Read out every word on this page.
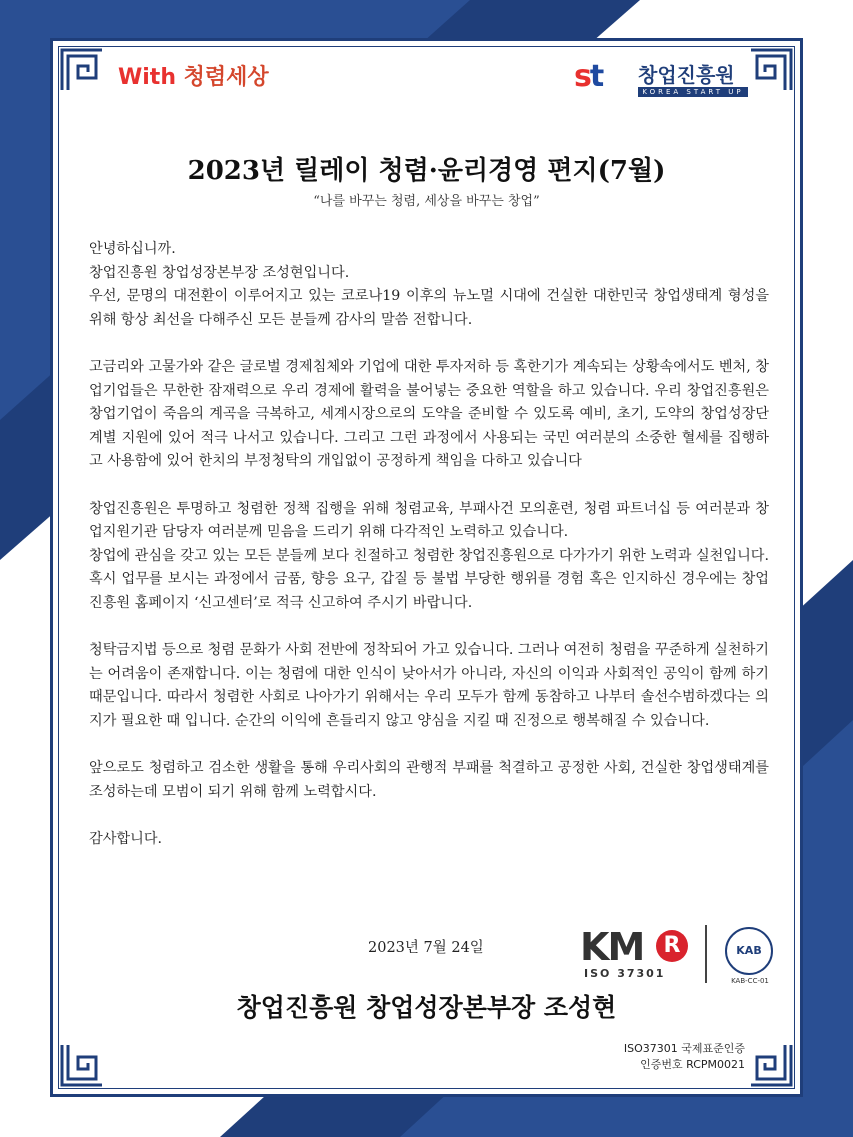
With 청렴세상	st 창업진흥원
KOREA START UP
2023년 릴레이 청렴·윤리경영 편지(7월)
“나를 바꾸는 청렴, 세상을 바꾸는 창업”

안녕하십니까.

창업진흥원 창업성장본부장 조성현입니다.

우선, 문명의 대전환이 이루어지고 있는 코로나19 이후의 뉴노멀 시대에 건실한 대한민국 창업생태계 형성을 위해 항상 최선을 다해주신 모든 분들께 감사의 말씀 전합니다.

고금리와 고물가와 같은 글로벌 경제침체와 기업에 대한 투자저하 등 혹한기가 계속되는 상황속에서도 벤처, 창업기업들은 무한한 잠재력으로 우리 경제에 활력을 불어넣는 중요한 역할을 하고 있습니다. 우리 창업진흥원은 창업기업이 죽음의 계곡을 극복하고, 세계시장으로의 도약을 준비할 수 있도록 예비, 초기, 도약의 창업성장단계별 지원에 있어 적극 나서고 있습니다. 그리고 그런 과정에서 사용되는 국민 여러분의 소중한 혈세를 집행하고 사용함에 있어 한치의 부정청탁의 개입없이 공정하게 책임을 다하고 있습니다

창업진흥원은 투명하고 청렴한 정책 집행을 위해 청렴교육, 부패사건 모의훈련, 청렴 파트너십 등 여러분과 창업지원기관 담당자 여러분께 믿음을 드리기 위해 다각적인 노력하고 있습니다.

창업에 관심을 갖고 있는 모든 분들께 보다 친절하고 청렴한 창업진흥원으로 다가가기 위한 노력과 실천입니다. 혹시 업무를 보시는 과정에서 금품, 향응 요구, 갑질 등 불법 부당한 행위를 경험 혹은 인지하신 경우에는 창업진흥원 홈페이지 ‘신고센터’로 적극 신고하여 주시기 바랍니다.

청탁금지법 등으로 청렴 문화가 사회 전반에 정착되어 가고 있습니다. 그러나 여전히 청렴을 꾸준하게 실천하기는 어려움이 존재합니다. 이는 청렴에 대한 인식이 낮아서가 아니라, 자신의 이익과 사회적인 공익이 함께 하기 때문입니다. 따라서 청렴한 사회로 나아가기 위해서는 우리 모두가 함께 동참하고 나부터 솔선수범하겠다는 의지가 필요한 때 입니다. 순간의 이익에 흔들리지 않고 양심을 지킬 때 진정으로 행복해질 수 있습니다.

앞으로도 청렴하고 검소한 생활을 통해 우리사회의 관행적 부패를 척결하고 공정한 사회, 건실한 창업생태계를 조성하는데 모범이 되기 위해 함께 노력합시다.

감사합니다.

2023년 7월 24일	KM R
ISO 37301
KAB
KAB-CC-01
창업진흥원 창업성장본부장 조성현
ISO37301 국제표준인증
인증번호 RCPM0021
